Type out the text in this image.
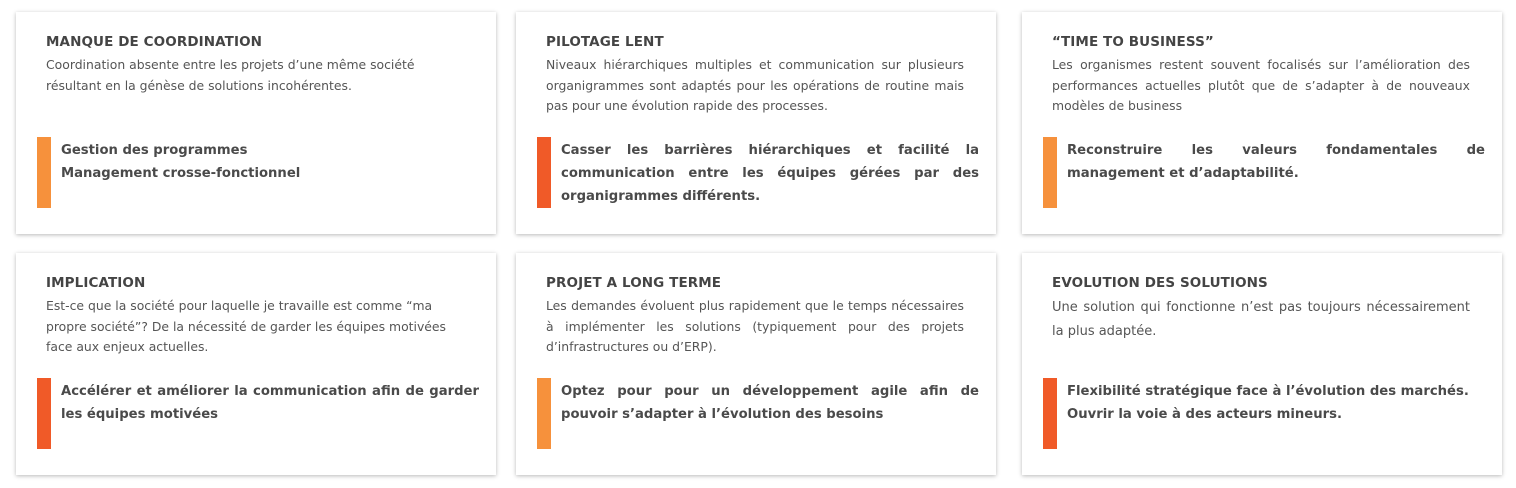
MANQUE DE COORDINATION

Coordination absente entre les projets d’une même société résultant en la génèse de solutions incohérentes.

Gestion des programmes
Management crosse-fonctionnel
PILOTAGE LENT

Niveaux hiérarchiques multiples et communication sur plusieurs organigrammes sont adaptés pour les opérations de routine mais pas pour une évolution rapide des processes.

Casser les barrières hiérarchiques et facilité la communication entre les équipes gérées par des organigrammes différents.
“TIME TO BUSINESS”

Les organismes restent souvent focalisés sur l’amélioration des performances actuelles plutôt que de s’adapter à de nouveaux modèles de business

Reconstruire les valeurs fondamentales de management et d’adaptabilité.
IMPLICATION

Est-ce que la société pour laquelle je travaille est comme “ma propre société”? De la nécessité de garder les équipes motivées face aux enjeux actuelles.

Accélérer et améliorer la communication afin de garder les équipes motivées
PROJET A LONG TERME

Les demandes évoluent plus rapidement que le temps nécessaires à implémenter les solutions (typiquement pour des projets d’infrastructures ou d’ERP).

Optez pour pour un développement agile afin de pouvoir s’adapter à l’évolution des besoins
EVOLUTION DES SOLUTIONS

Une solution qui fonctionne n’est pas toujours nécessairement la plus adaptée.

Flexibilité stratégique face à l’évolution des marchés.
Ouvrir la voie à des acteurs mineurs.
